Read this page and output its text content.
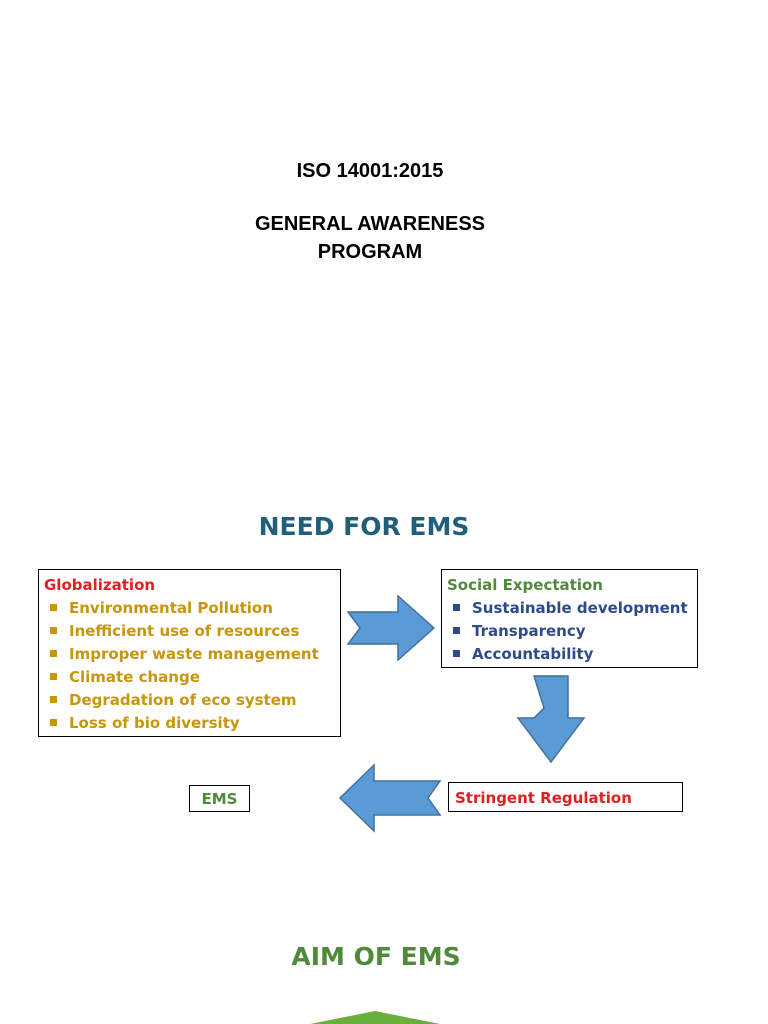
ISO 14001:2015
GENERAL AWARENESS
PROGRAM
NEED FOR EMS

Globalization

Environmental Pollution
Inefficient use of resources
Improper waste management
Climate change
Degradation of eco system
Loss of bio diversity

Social Expectation

Sustainable development
Transparency
Accountability
Stringent Regulation
EMS
AIM OF EMS
